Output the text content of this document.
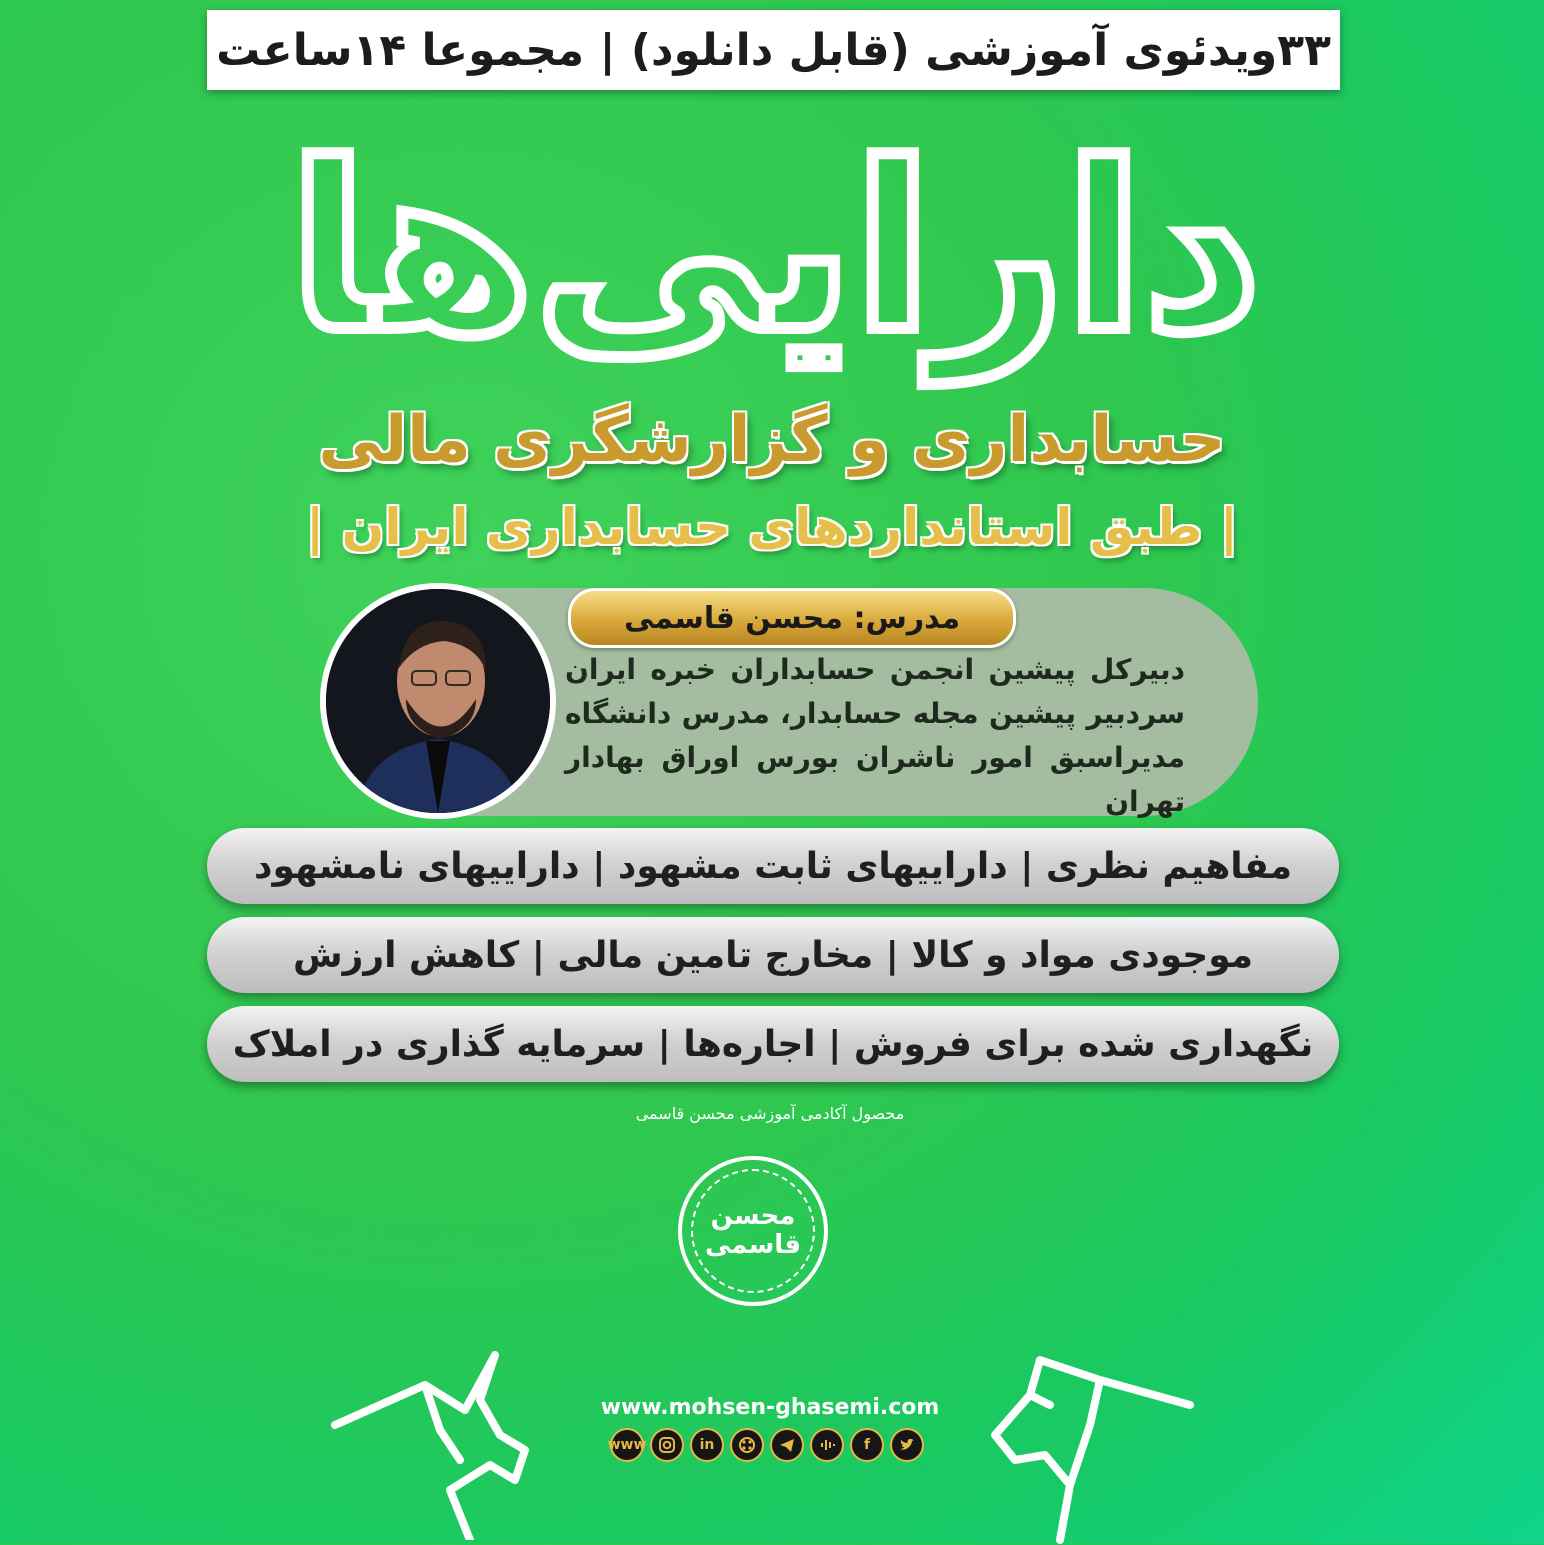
۳۳ویدئوی آموزشی (قابل دانلود) | مجموعا ۱۴ساعت
دارایی‌ها
حسابداری و گزارشگری مالی
| طبق استانداردهای حسابداری ایران |
مدرس: محسن قاسمی
دبیرکل پیشین انجمن حسابداران خبره ایران
سردبیر پیشین مجله حسابدار، مدرس دانشگاه
مدیراسبق امور ناشران بورس اوراق بهادار تهران
مفاهیم نظری | داراییهای ثابت مشهود | داراییهای نامشهود
موجودی مواد و کالا | مخارج تامین مالی | کاهش ارزش
نگهداری شده برای فروش | اجاره‌ها | سرمایه گذاری در املاک
محصول آکادمی آموزشی محسن قاسمی
محسن قاسمی
www.mohsen-ghasemi.com
www	in	f
